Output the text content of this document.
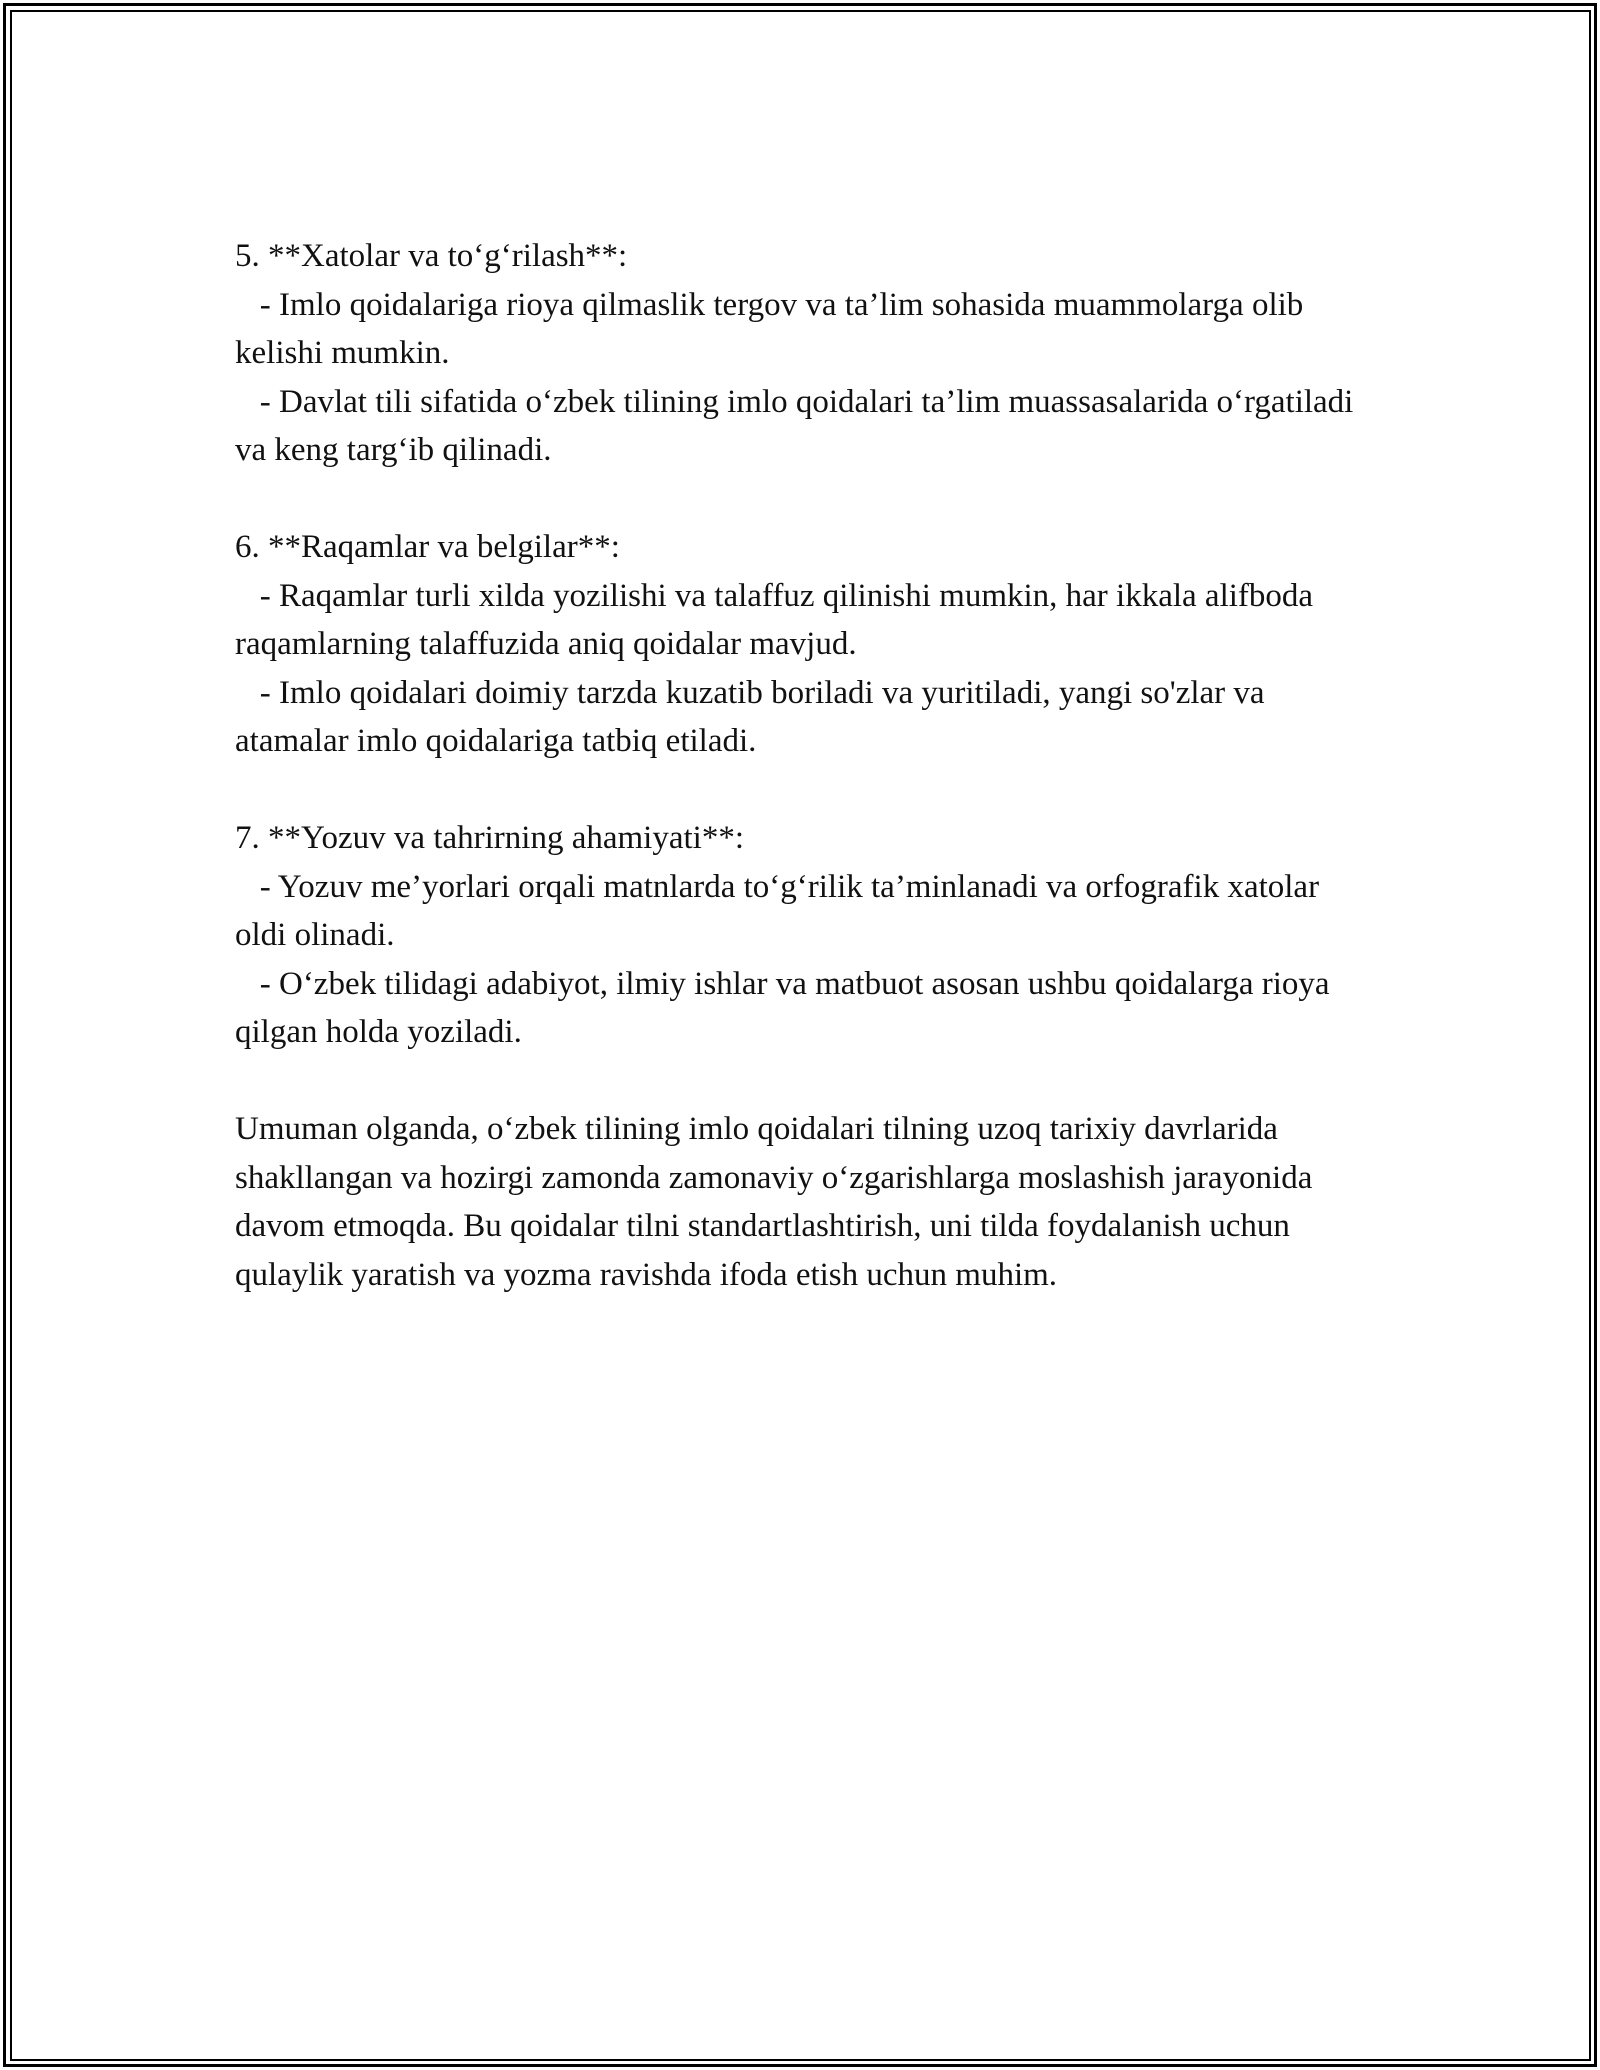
5. **Xatolar va to‘g‘rilash**:

- Imlo qoidalariga rioya qilmaslik tergov va ta’lim sohasida muammolarga olib kelishi mumkin.

- Davlat tili sifatida o‘zbek tilining imlo qoidalari ta’lim muassasalarida o‘rgatiladi va keng targ‘ib qilinadi.

6. **Raqamlar va belgilar**:

- Raqamlar turli xilda yozilishi va talaffuz qilinishi mumkin, har ikkala alifboda raqamlarning talaffuzida aniq qoidalar mavjud.

- Imlo qoidalari doimiy tarzda kuzatib boriladi va yuritiladi, yangi so'zlar va atamalar imlo qoidalariga tatbiq etiladi.

7. **Yozuv va tahrirning ahamiyati**:

- Yozuv me’yorlari orqali matnlarda to‘g‘rilik ta’minlanadi va orfografik xatolar oldi olinadi.

- O‘zbek tilidagi adabiyot, ilmiy ishlar va matbuot asosan ushbu qoidalarga rioya qilgan holda yoziladi.

Umuman olganda, o‘zbek tilining imlo qoidalari tilning uzoq tarixiy davrlarida shakllangan va hozirgi zamonda zamonaviy o‘zgarishlarga moslashish jarayonida davom etmoqda. Bu qoidalar tilni standartlashtirish, uni tilda foydalanish uchun qulaylik yaratish va yozma ravishda ifoda etish uchun muhim.
